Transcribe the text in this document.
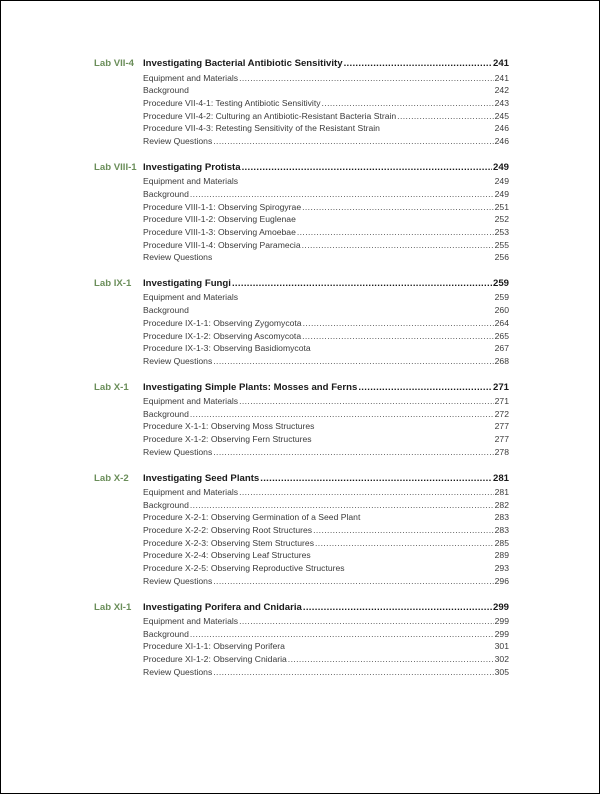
Lab VII-4 Investigating Bacterial Antibiotic Sensitivity .....	241
Equipment and Materials .....	241
Background .....	242
Procedure VII-4-1: Testing Antibiotic Sensitivity .....	243
Procedure VII-4-2: Culturing an Antibiotic-Resistant Bacteria Strain .....	245
Procedure VII-4-3: Retesting Sensitivity of the Resistant Strain .....	246
Review Questions .....	246
Lab VIII-1 Investigating Protista .....	249
Equipment and Materials .....	249
Background .....	249
Procedure VIII-1-1: Observing Spirogyrae .....	251
Procedure VIII-1-2: Observing Euglenae .....	252
Procedure VIII-1-3: Observing Amoebae .....	253
Procedure VIII-1-4: Observing Paramecia .....	255
Review Questions .....	256
Lab IX-1 Investigating Fungi .....	259
Equipment and Materials .....	259
Background .....	260
Procedure IX-1-1: Observing Zygomycota .....	264
Procedure IX-1-2: Observing Ascomycota .....	265
Procedure IX-1-3: Observing Basidiomycota .....	267
Review Questions .....	268
Lab X-1 Investigating Simple Plants: Mosses and Ferns .....	271
Equipment and Materials .....	271
Background .....	272
Procedure X-1-1: Observing Moss Structures .....	277
Procedure X-1-2: Observing Fern Structures .....	277
Review Questions .....	278
Lab X-2 Investigating Seed Plants .....	281
Equipment and Materials .....	281
Background .....	282
Procedure X-2-1: Observing Germination of a Seed Plant .....	283
Procedure X-2-2: Observing Root Structures .....	283
Procedure X-2-3: Observing Stem Structures .....	285
Procedure X-2-4: Observing Leaf Structures .....	289
Procedure X-2-5: Observing Reproductive Structures .....	293
Review Questions .....	296
Lab XI-1 Investigating Porifera and Cnidaria .....	299
Equipment and Materials .....	299
Background .....	299
Procedure XI-1-1: Observing Porifera .....	301
Procedure XI-1-2: Observing Cnidaria .....	302
Review Questions .....	305
